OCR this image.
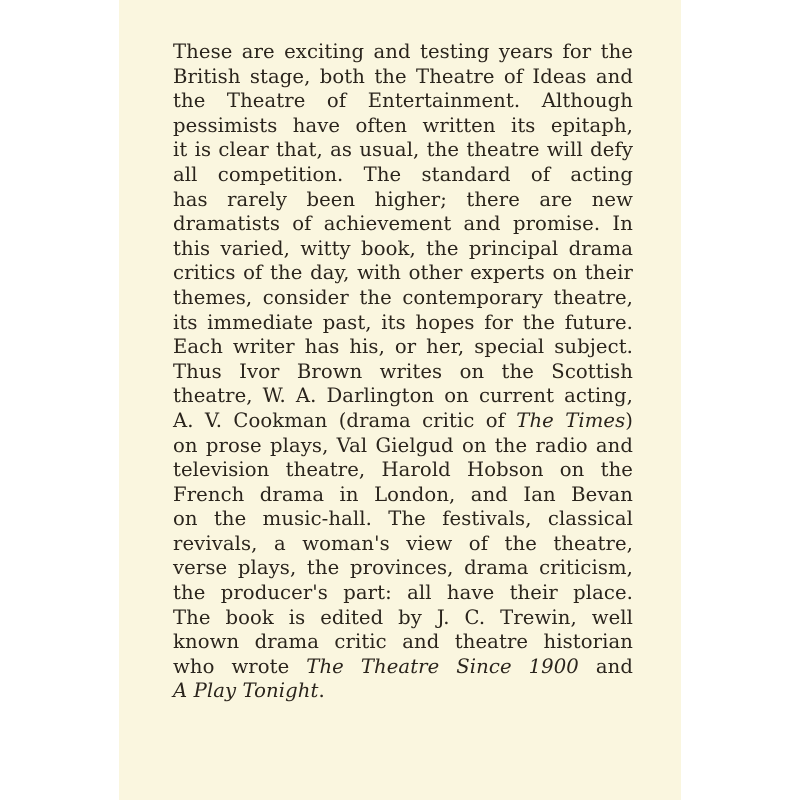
These are exciting and testing years for the
British stage, both the Theatre of Ideas and
the Theatre of Entertainment. Although
pessimists have often written its epitaph,
it is clear that, as usual, the theatre will defy
all competition. The standard of acting
has rarely been higher; there are new
dramatists of achievement and promise. In
this varied, witty book, the principal drama
critics of the day, with other experts on their
themes, consider the contemporary theatre,
its immediate past, its hopes for the future.
Each writer has his, or her, special subject.
Thus Ivor Brown writes on the Scottish
theatre, W. A. Darlington on current acting,
A. V. Cookman (drama critic of The Times)
on prose plays, Val Gielgud on the radio and
television theatre, Harold Hobson on the
French drama in London, and Ian Bevan
on the music-hall. The festivals, classical
revivals, a woman's view of the theatre,
verse plays, the provinces, drama criticism,
the producer's part: all have their place.
The book is edited by J. C. Trewin, well
known drama critic and theatre historian
who wrote The Theatre Since 1900 and
A Play Tonight.
